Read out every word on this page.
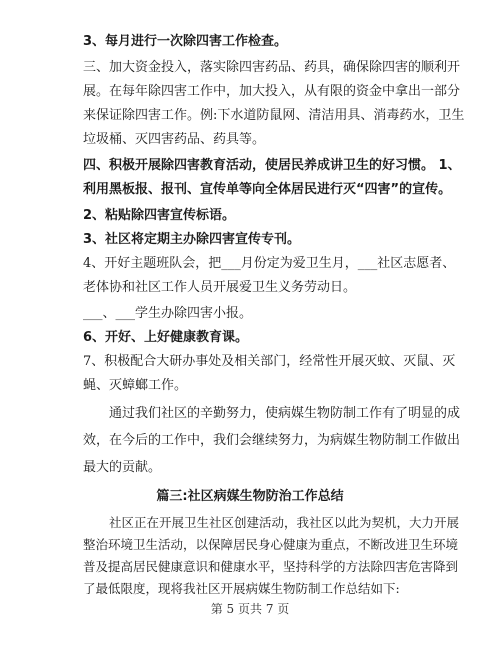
3、每月进行一次除四害工作检查。

三、加大资金投入，落实除四害药品、药具，确保除四害的顺利开展。在每年除四害工作中，加大投入，从有限的资金中拿出一部分来保证除四害工作。例:下水道防鼠网、清洁用具、消毒药水，卫生垃圾桶、灭四害药品、药具等。

四、积极开展除四害教育活动，使居民养成讲卫生的好习惯。 1、利用黑板报、报刊、宣传单等向全体居民进行灭“四害”的宣传。

2、粘贴除四害宣传标语。

3、社区将定期主办除四害宣传专刊。

4、开好主题班队会，把___月份定为爱卫生月，___社区志愿者、老体协和社区工作人员开展爱卫生义务劳动日。

___、___学生办除四害小报。

6、开好、上好健康教育课。

7、积极配合大研办事处及相关部门，经常性开展灭蚊、灭鼠、灭蝇、灭蟑螂工作。

通过我们社区的辛勤努力，使病媒生物防制工作有了明显的成效，在今后的工作中，我们会继续努力，为病媒生物防制工作做出最大的贡献。

篇三:社区病媒生物防治工作总结

社区正在开展卫生社区创建活动，我社区以此为契机，大力开展整治环境卫生活动，以保障居民身心健康为重点，不断改进卫生环境普及提高居民健康意识和健康水平，坚持科学的方法除四害危害降到了最低限度，现将我社区开展病媒生物防制工作总结如下:

第 5 页共 7 页
